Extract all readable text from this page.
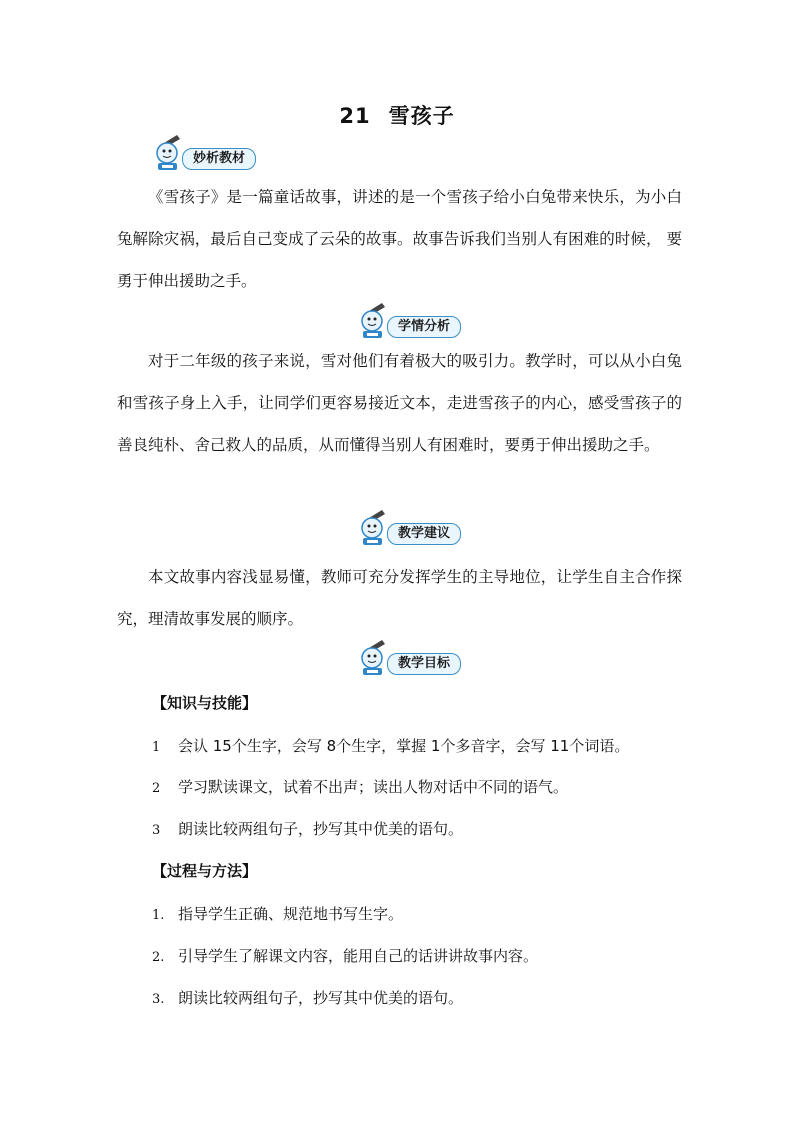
21 雪孩子
妙析教材

《雪孩子》是一篇童话故事，讲述的是一个雪孩子给小白兔带来快乐，为小白兔解除灾祸，最后自己变成了云朵的故事。故事告诉我们当别人有困难的时候， 要勇于伸出援助之手。

学情分析

对于二年级的孩子来说，雪对他们有着极大的吸引力。教学时，可以从小白兔和雪孩子身上入手，让同学们更容易接近文本，走进雪孩子的内心，感受雪孩子的善良纯朴、舍己救人的品质，从而懂得当别人有困难时，要勇于伸出援助之手。

教学建议

本文故事内容浅显易懂，教师可充分发挥学生的主导地位，让学生自主合作探究，理清故事发展的顺序。

教学目标
【知识与技能】
1 会认 15个生字，会写 8个生字，掌握 1个多音字，会写 11个词语。
2 学习默读课文，试着不出声；读出人物对话中不同的语气。
3 朗读比较两组句子，抄写其中优美的语句。
【过程与方法】
1. 指导学生正确、规范地书写生字。
2. 引导学生了解课文内容，能用自己的话讲讲故事内容。
3. 朗读比较两组句子，抄写其中优美的语句。
